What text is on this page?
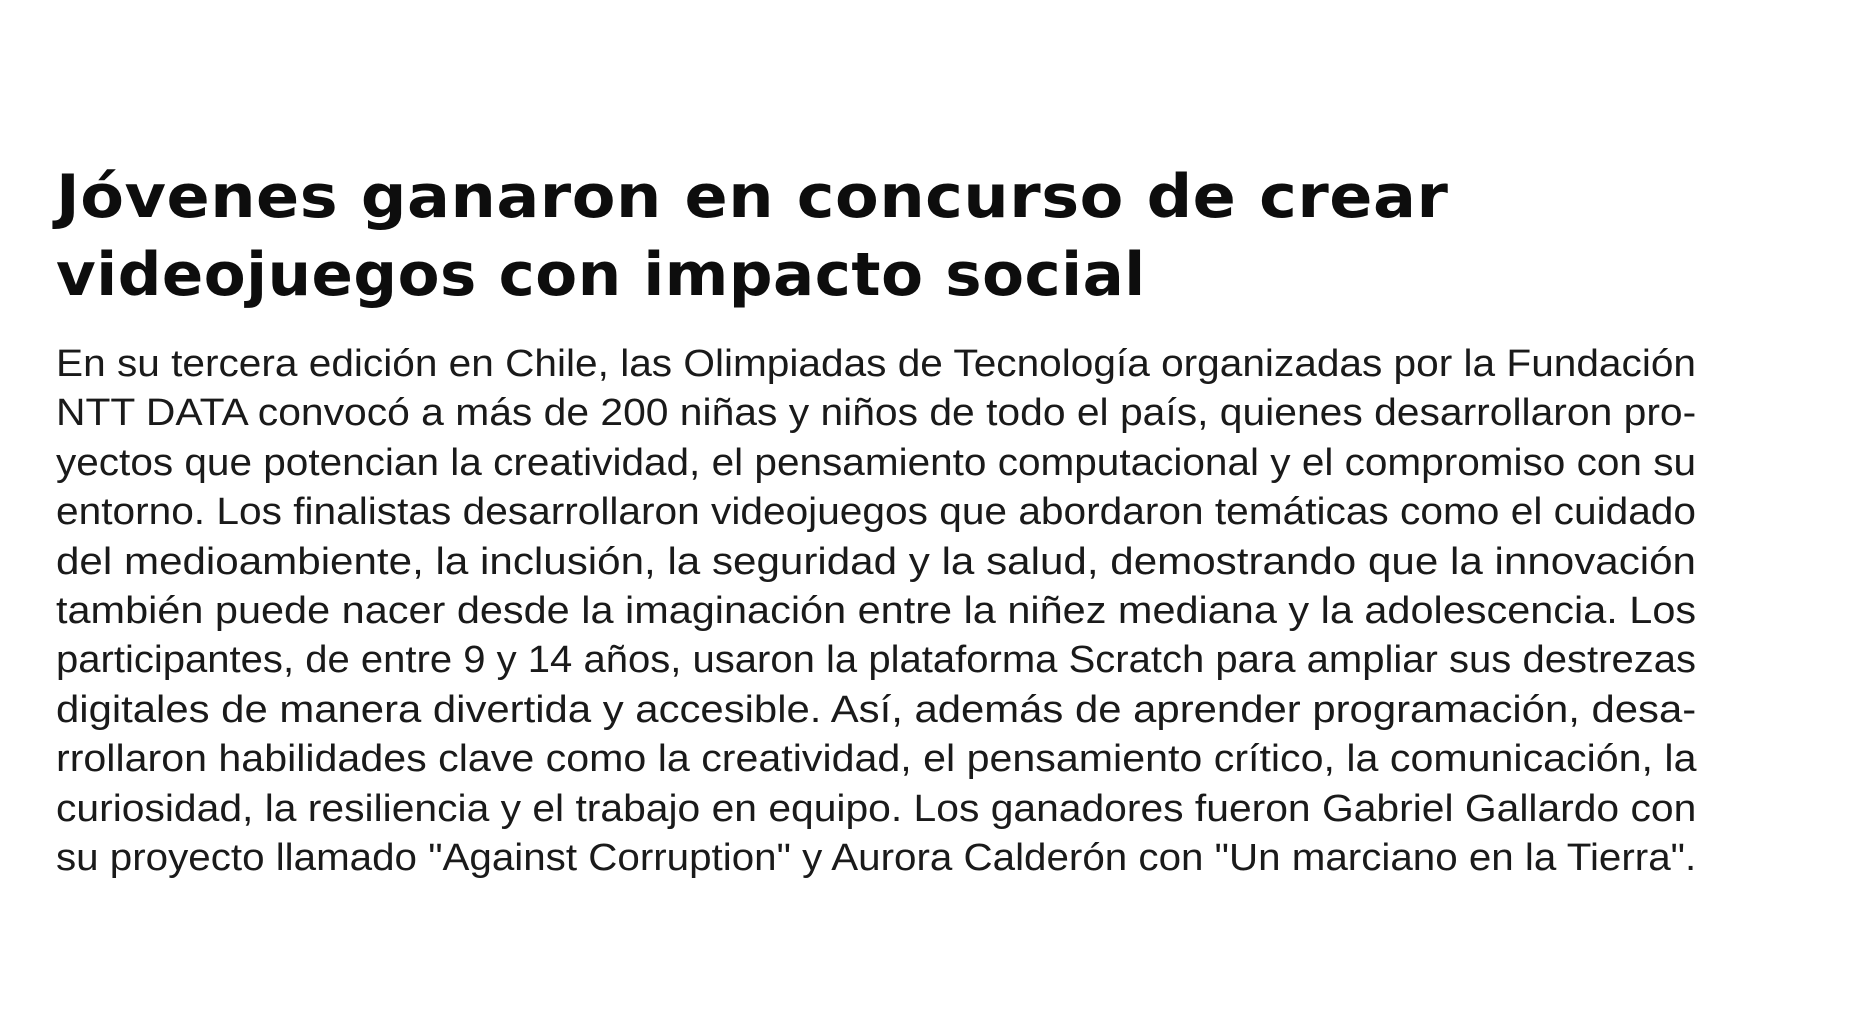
Jóvenes ganaron en concurso de crear
videojuegos con impacto social
En su tercera edición en Chile, las Olimpiadas de Tecnología organizadas por la Fundación
NTT DATA convocó a más de 200 niñas y niños de todo el país, quienes desarrollaron pro-
yectos que potencian la creatividad, el pensamiento computacional y el compromiso con su
entorno. Los finalistas desarrollaron videojuegos que abordaron temáticas como el cuidado
del medioambiente, la inclusión, la seguridad y la salud, demostrando que la innovación
también puede nacer desde la imaginación entre la niñez mediana y la adolescencia. Los
participantes, de entre 9 y 14 años, usaron la plataforma Scratch para ampliar sus destrezas
digitales de manera divertida y accesible. Así, además de aprender programación, desa-
rrollaron habilidades clave como la creatividad, el pensamiento crítico, la comunicación, la
curiosidad, la resiliencia y el trabajo en equipo. Los ganadores fueron Gabriel Gallardo con
su proyecto llamado "Against Corruption" y Aurora Calderón con "Un marciano en la Tierra".
